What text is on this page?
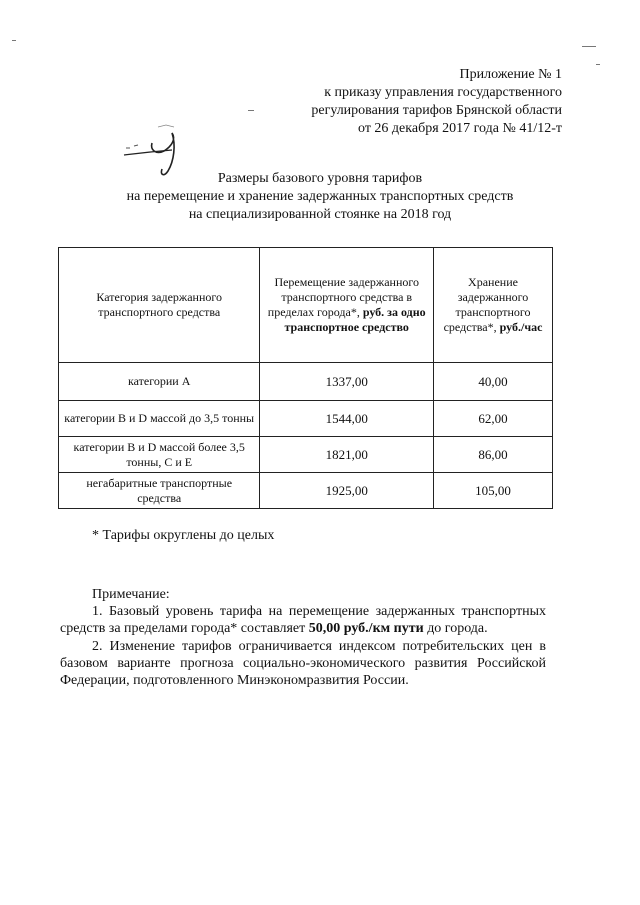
Приложение № 1
к приказу управления государственного
регулирования тарифов Брянской области
от 26 декабря 2017 года № 41/12-т
Размеры базового уровня тарифов
на перемещение и хранение задержанных транспортных средств
на специализированной стоянке на 2018 год
Категория задержанного транспортного средства	Перемещение задержанного транспортного средства в пределах города*, руб. за одно транспортное средство	Хранение задержанного транспортного средства*, руб./час
категории А	1337,00	40,00
категории В и D массой до 3,5 тонны	1544,00	62,00
категории В и D массой более 3,5 тонны, С и Е	1821,00	86,00
негабаритные транспортные средства	1925,00	105,00
* Тарифы округлены до целых
Примечание:

1. Базовый уровень тарифа на перемещение задержанных транспортных средств за пределами города* составляет 50,00 руб./км пути до города.

2. Изменение тарифов ограничивается индексом потребительских цен в базовом варианте прогноза социально-экономического развития Российской Федерации, подготовленного Минэкономразвития России.
